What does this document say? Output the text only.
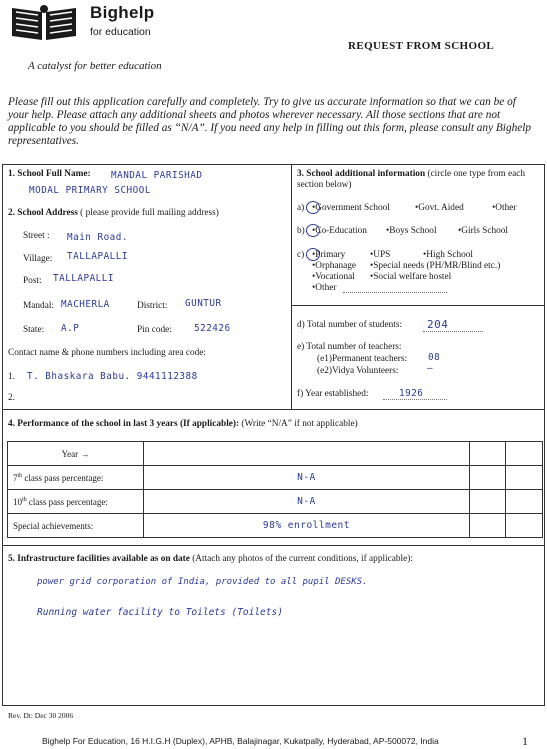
Bighelp
for education
A catalyst for better education
REQUEST FROM SCHOOL
Please fill out this application carefully and completely. Try to give us accurate information so that we can be of your help. Please attach any additional sheets and photos wherever necessary. All those sections that are not applicable to you should be filled as “N/A”. If you need any help in filling out this form, please consult any Bighelp representatives.
1. School Full Name: MANDAL PARISHAD
MODAL PRIMARY SCHOOL
2. School Address ( please provide full mailing address)
Street : Main Road.
Village: TALLAPALLI
Post: TALLAPALLI
Mandal: MACHERLA	District: GUNTUR
State: A.P	Pin code: 522426
Contact name & phone numbers including area code:
1. T. Bhaskara Babu. 9441112388
2.
3. School additional information (circle one type from each section below)
a) •Government School	•Govt. Aided	•Other
b) •Co-Education •Boys School •Girls School
c) •Primary	•UPS	•High School
•Orphanage •Special needs (PH/MR/Blind etc.)
•Vocational •Social welfare hostel
•Other
d) Total number of students: 204
e) Total number of teachers:
(e1)Permanent teachers: 08
(e2)Vidya Volunteers:	—
f) Year established:	1926
4. Performance of the school in last 3 years (If applicable): (Write “N/A” if not applicable)
Year →			
7th class pass percentage:	N-A		
10th class pass percentage:	N-A		
Special achievements:	98% enrollment		
5. Infrastructure facilities available as on date (Attach any photos of the current conditions, if applicable):
power grid corporation of India, provided to all pupil DESKS.
Running water facility to Toilets (Toilets)
Rev. Dt: Dec 30 2006
Bighelp For Education, 16 H.I.G.H (Duplex), APHB, Balajinagar, Kukatpally, Hyderabad, AP-500072, India	1
